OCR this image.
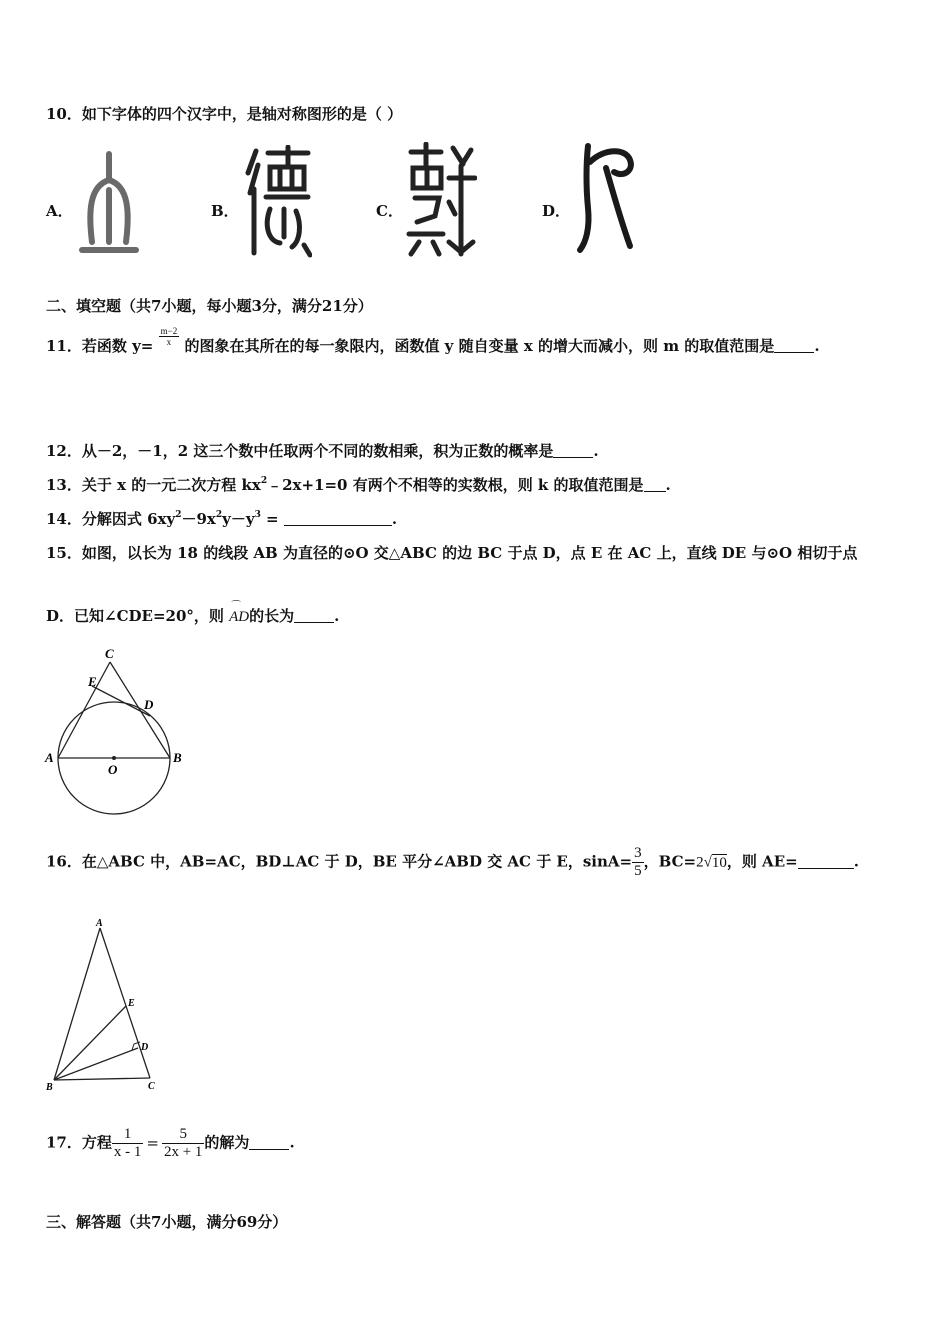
10．如下字体的四个汉字中，是轴对称图形的是（ ）
A．	B．	C．	D．
二、填空题（共7小题，每小题3分，满分21分）
11．若函数 $y= \frac{m-2}{x}$ 的图象在其所在的每一象限内，函数值 y 随自变量 x 的增大而减小，则 m 的取值范围是	.
12．从－2，－1，2 这三个数中任取两个不同的数相乘，积为正数的概率是	.
13．关于 x 的一元二次方程 $kx^2﹣2x+1=0$ 有两个不相等的实数根，则 k 的取值范围是 .
14．分解因式 $6xy^2-9x^2y-y^3$ =	.
15．如图，以长为 18 的线段 AB 为直径的⊙O 交△ABC 的边 BC 于点 D，点 E 在 AC 上，直线 DE 与⊙O 相切于点
D．已知∠CDE=20°，则
⌒
AD的长为	.
C
E
D
A
O
B
16．在△ABC 中，AB=AC，BD⊥AC 于 D，BE 平分∠ABD 交 AC 于 E，$\sin A= \frac{3}{5}$ ，BC=2√10，则 AE=	.
A
E
D
B	C
17．方程 $\frac{1}{x - 1} = \frac{5}{2x + 1}$ 的解为	.
三、解答题（共7小题，满分69分）
